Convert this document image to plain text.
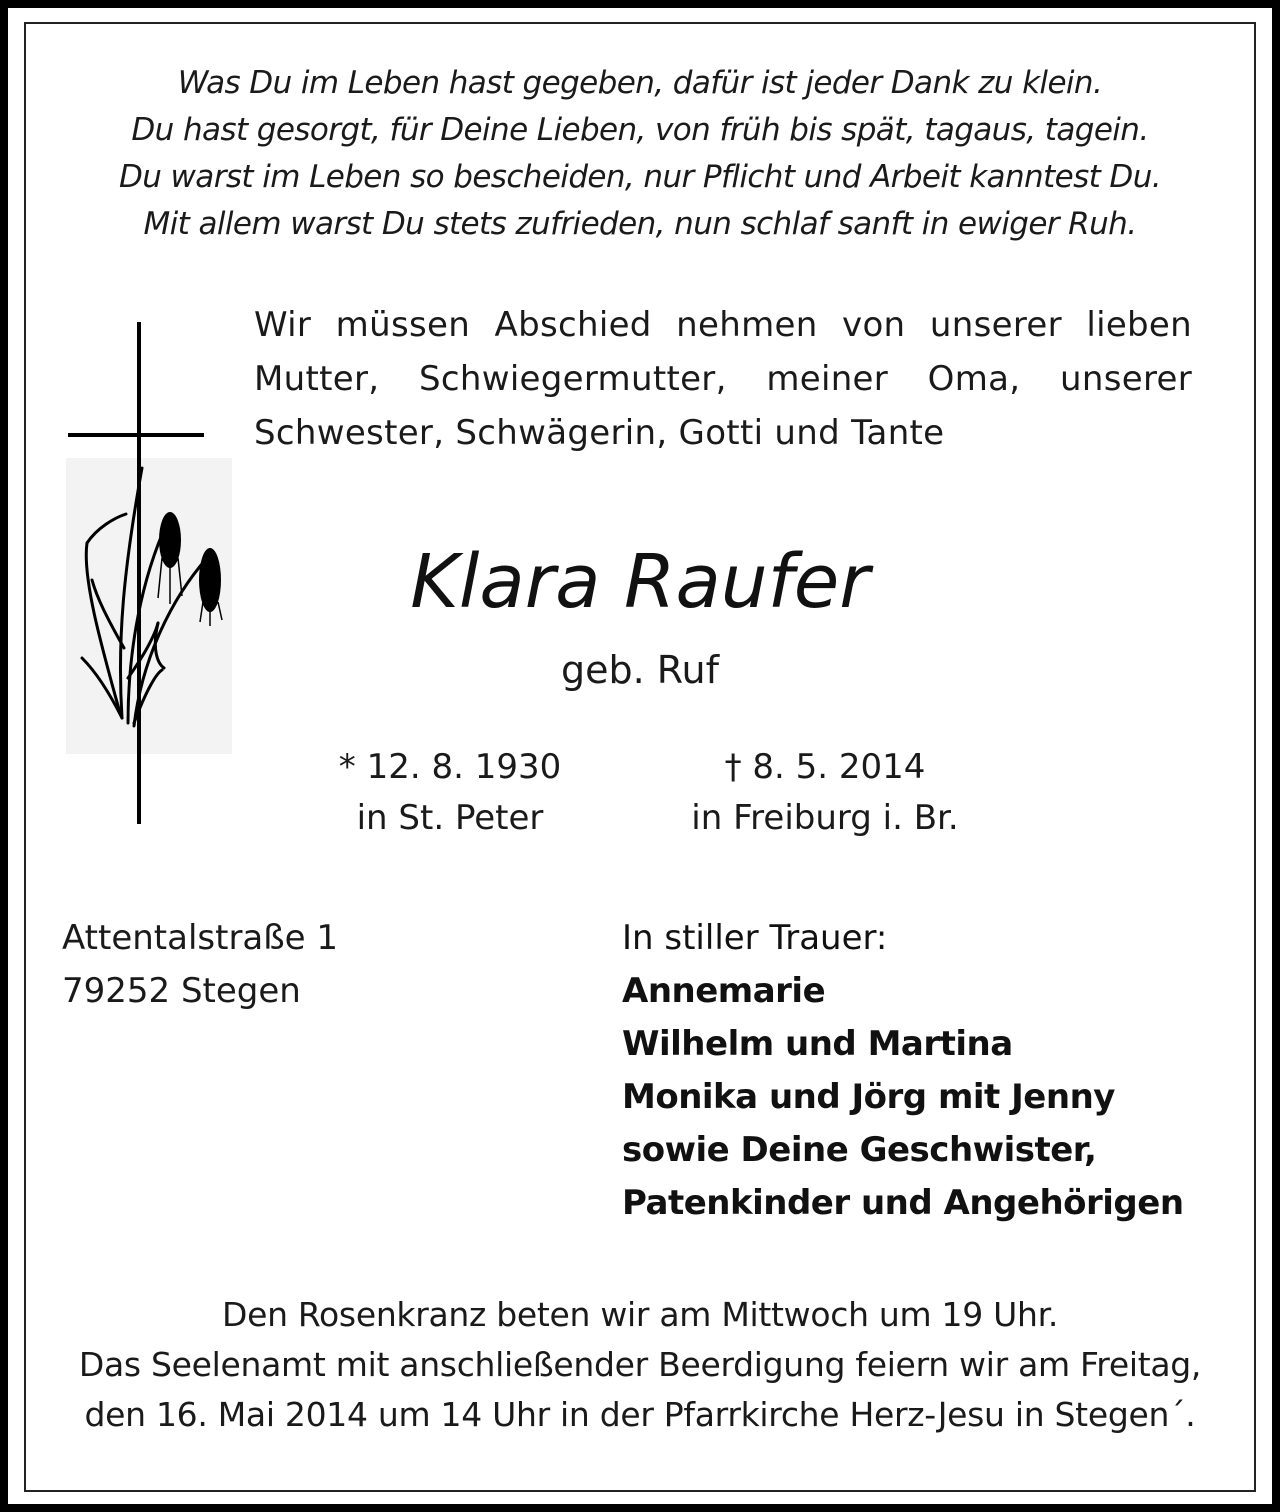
Was Du im Leben hast gegeben, dafür ist jeder Dank zu klein.
Du hast gesorgt, für Deine Lieben, von früh bis spät, tagaus, tagein.
Du warst im Leben so bescheiden, nur Pflicht und Arbeit kanntest Du.
Mit allem warst Du stets zufrieden, nun schlaf sanft in ewiger Ruh.
Wir müssen Abschied nehmen von unserer lieben
Mutter, Schwiegermutter, meiner Oma, unserer
Schwester, Schwägerin, Gotti und Tante
Klara Raufer
geb. Ruf
* 12. 8. 1930
in St. Peter
† 8. 5. 2014
in Freiburg i. Br.
Attentalstraße 1
79252 Stegen
In stiller Trauer:
Annemarie
Wilhelm und Martina
Monika und Jörg mit Jenny
sowie Deine Geschwister,
Patenkinder und Angehörigen
Den Rosenkranz beten wir am Mittwoch um 19 Uhr.
Das Seelenamt mit anschließender Beerdigung feiern wir am Freitag,
den 16. Mai 2014 um 14 Uhr in der Pfarrkirche Herz-Jesu in Stegen´.
